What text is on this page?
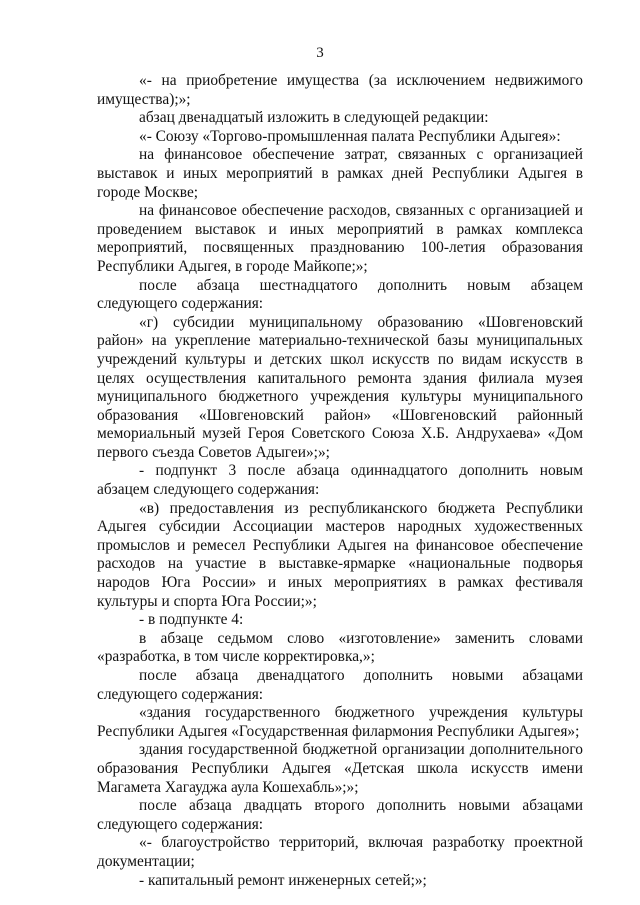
3

«- на приобретение имущества (за исключением недвижимого имущества);»;

абзац двенадцатый изложить в следующей редакции:

«- Союзу «Торгово-промышленная палата Республики Адыгея»:

на финансовое обеспечение затрат, связанных с организацией выставок и иных мероприятий в рамках дней Республики Адыгея в городе Москве;

на финансовое обеспечение расходов, связанных с организацией и проведением выставок и иных мероприятий в рамках комплекса мероприятий, посвященных празднованию 100-летия образования Республики Адыгея, в городе Майкопе;»;

после абзаца шестнадцатого дополнить новым абзацем следующего содержания:

«г) субсидии муниципальному образованию «Шовгеновский район» на укрепление материально-технической базы муниципальных учреждений культуры и детских школ искусств по видам искусств в целях осуществления капитального ремонта здания филиала музея муниципального бюджетного учреждения культуры муниципального образования «Шовгеновский район» «Шовгеновский районный мемориальный музей Героя Советского Союза Х.Б. Андрухаева» «Дом первого съезда Советов Адыгеи»;»;

- подпункт 3 после абзаца одиннадцатого дополнить новым абзацем следующего содержания:

«в) предоставления из республиканского бюджета Республики Адыгея субсидии Ассоциации мастеров народных художественных промыслов и ремесел Республики Адыгея на финансовое обеспечение расходов на участие в выставке-ярмарке «национальные подворья народов Юга России» и иных мероприятиях в рамках фестиваля культуры и спорта Юга России;»;

- в подпункте 4:

в абзаце седьмом слово «изготовление» заменить словами «разработка, в том числе корректировка,»;

после абзаца двенадцатого дополнить новыми абзацами следующего содержания:

«здания государственного бюджетного учреждения культуры Республики Адыгея «Государственная филармония Республики Адыгея»;

здания государственной бюджетной организации дополнительного образования Республики Адыгея «Детская школа искусств имени Магамета Хагауджа аула Кошехабль»;»;

после абзаца двадцать второго дополнить новыми абзацами следующего содержания:

«- благоустройство территорий, включая разработку проектной документации;

- капитальный ремонт инженерных сетей;»;
